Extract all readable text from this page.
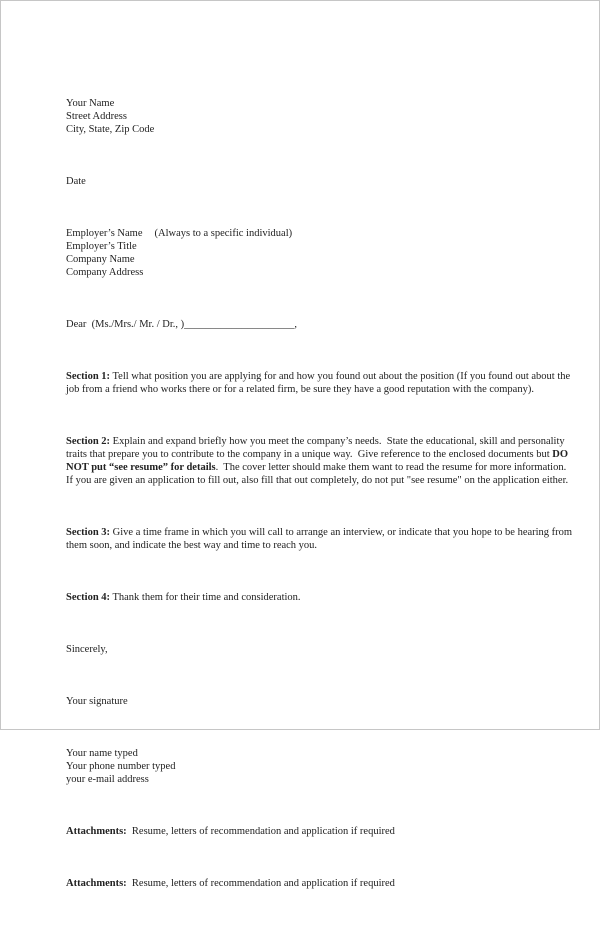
Your Name
Street Address
City, State, Zip Code

Date

Employer’s Name (Always to a specific individual)
Employer’s Title
Company Name
Company Address

Dear  (Ms./Mrs./ Mr. / Dr., )_____________________,

Section 1: Tell what position you are applying for and how you found out about the position (If you found out about the job from a friend who works there or for a related firm, be sure they have a good reputation with the company).

Section 2: Explain and expand briefly how you meet the company’s needs.  State the educational, skill and personality traits that prepare you to contribute to the company in a unique way.  Give reference to the enclosed documents but DO NOT put “see resume” for details.  The cover letter should make them want to read the resume for more information.  If you are given an application to fill out, also fill that out completely, do not put "see resume" on the application either.

Section 3: Give a time frame in which you will call to arrange an interview, or indicate that you hope to be hearing from them soon, and indicate the best way and time to reach you.

Section 4: Thank them for their time and consideration.

Sincerely,

Your signature

Your name typed
Your phone number typed
your e-mail address

Attachments:  Resume, letters of recommendation and application if required

Attachments:  Resume, letters of recommendation and application if required
